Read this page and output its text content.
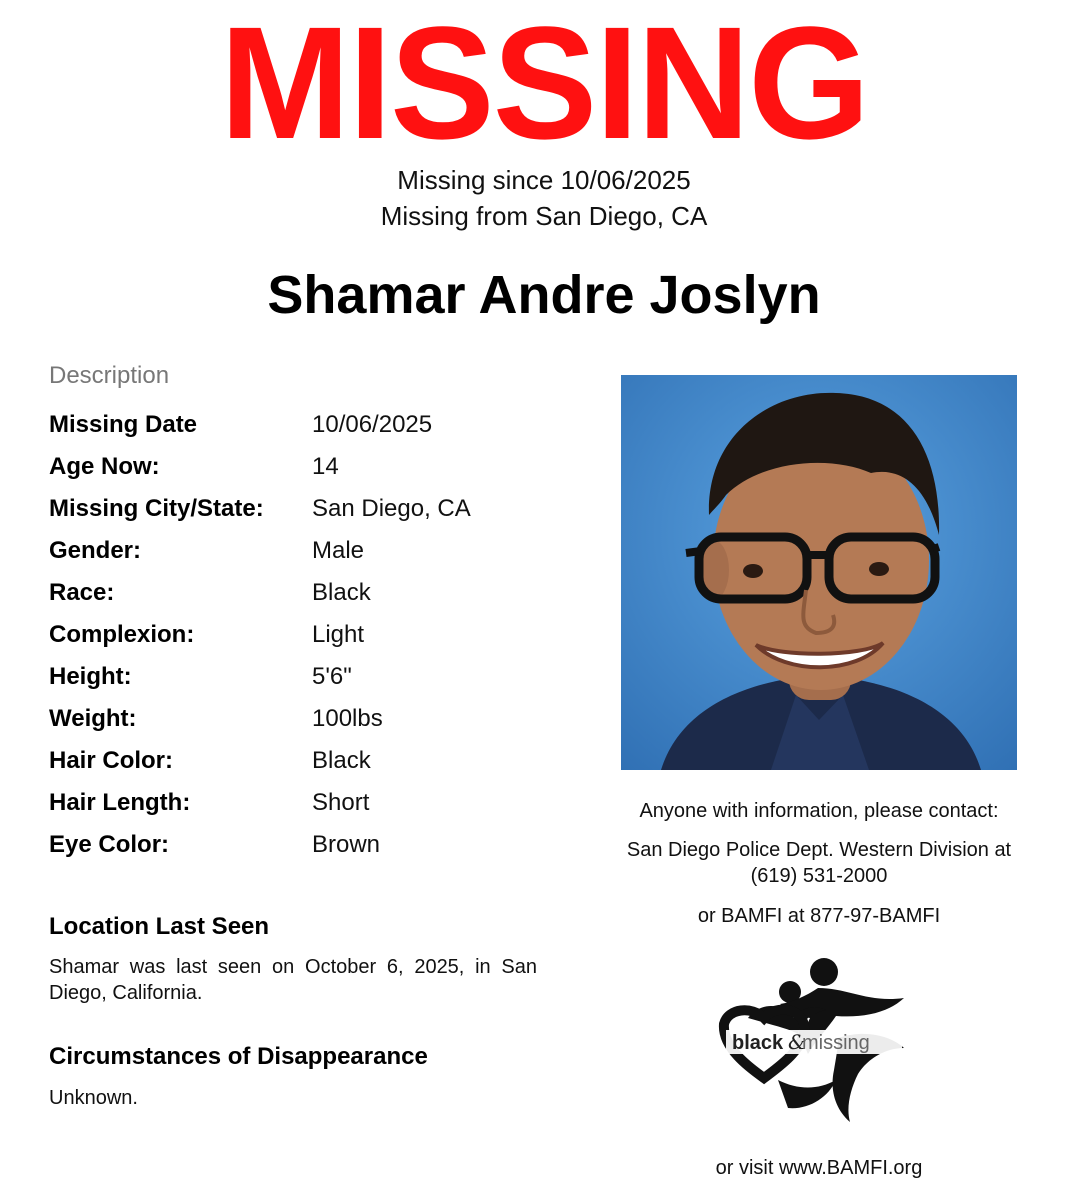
MISSING
Missing since 10/06/2025
Missing from San Diego, CA
Shamar Andre Joslyn
Description
Missing Date	10/06/2025
Age Now:	14
Missing City/State: San Diego, CA
Gender:	Male
Race:	Black
Complexion:	Light
Height:	5'6"
Weight:	100lbs
Hair Color:	Black
Hair Length:	Short
Eye Color:	Brown
Location Last Seen
Shamar was last seen on October 6, 2025, in San Diego, California.
Circumstances of Disappearance
Unknown.
Anyone with information, please contact:
San Diego Police Dept. Western Division at
(619) 531-2000
or BAMFI at 877-97-BAMFI
black &
missing
or visit www.BAMFI.org
